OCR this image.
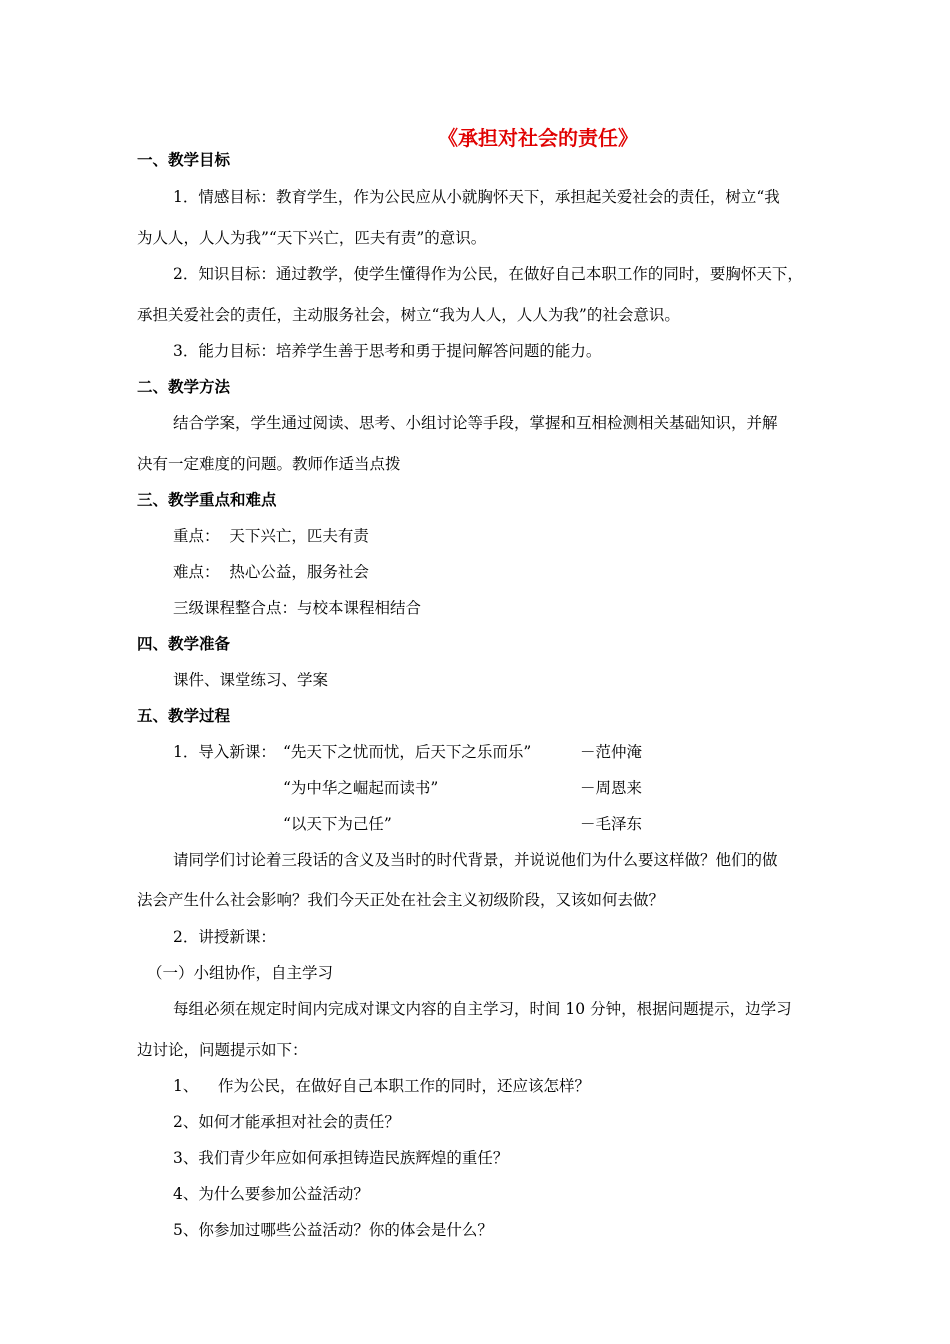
《承担对社会的责任》
一、教学目标
1．情感目标：教育学生，作为公民应从小就胸怀天下，承担起关爱社会的责任，树立“我
为人人，人人为我”“天下兴亡，匹夫有责”的意识。
2．知识目标：通过教学，使学生懂得作为公民，在做好自己本职工作的同时，要胸怀天下，
承担关爱社会的责任，主动服务社会，树立“我为人人，人人为我”的社会意识。
3．能力目标：培养学生善于思考和勇于提问解答问题的能力。
二、教学方法
结合学案，学生通过阅读、思考、小组讨论等手段，掌握和互相检测相关基础知识，并解
决有一定难度的问题。教师作适当点拨
三、教学重点和难点
重点：  天下兴亡，匹夫有责
难点：  热心公益，服务社会
三级课程整合点：与校本课程相结合
四、教学准备
课件、课堂练习、学案
五、教学过程
1．导入新课： “先天下之忧而忧，后天下之乐而乐”	－范仲淹
“为中华之崛起而读书”	－周恩来
“以天下为己任”	－毛泽东
请同学们讨论着三段话的含义及当时的时代背景，并说说他们为什么要这样做？他们的做
法会产生什么社会影响？我们今天正处在社会主义初级阶段，又该如何去做？
2．讲授新课：
（一）小组协作，自主学习
每组必须在规定时间内完成对课文内容的自主学习，时间 10 分钟，根据问题提示，边学习
边讨论，问题提示如下：
1、 作为公民，在做好自己本职工作的同时，还应该怎样？
2、如何才能承担对社会的责任？
3、我们青少年应如何承担铸造民族辉煌的重任？
4、为什么要参加公益活动？
5、你参加过哪些公益活动？你的体会是什么？
